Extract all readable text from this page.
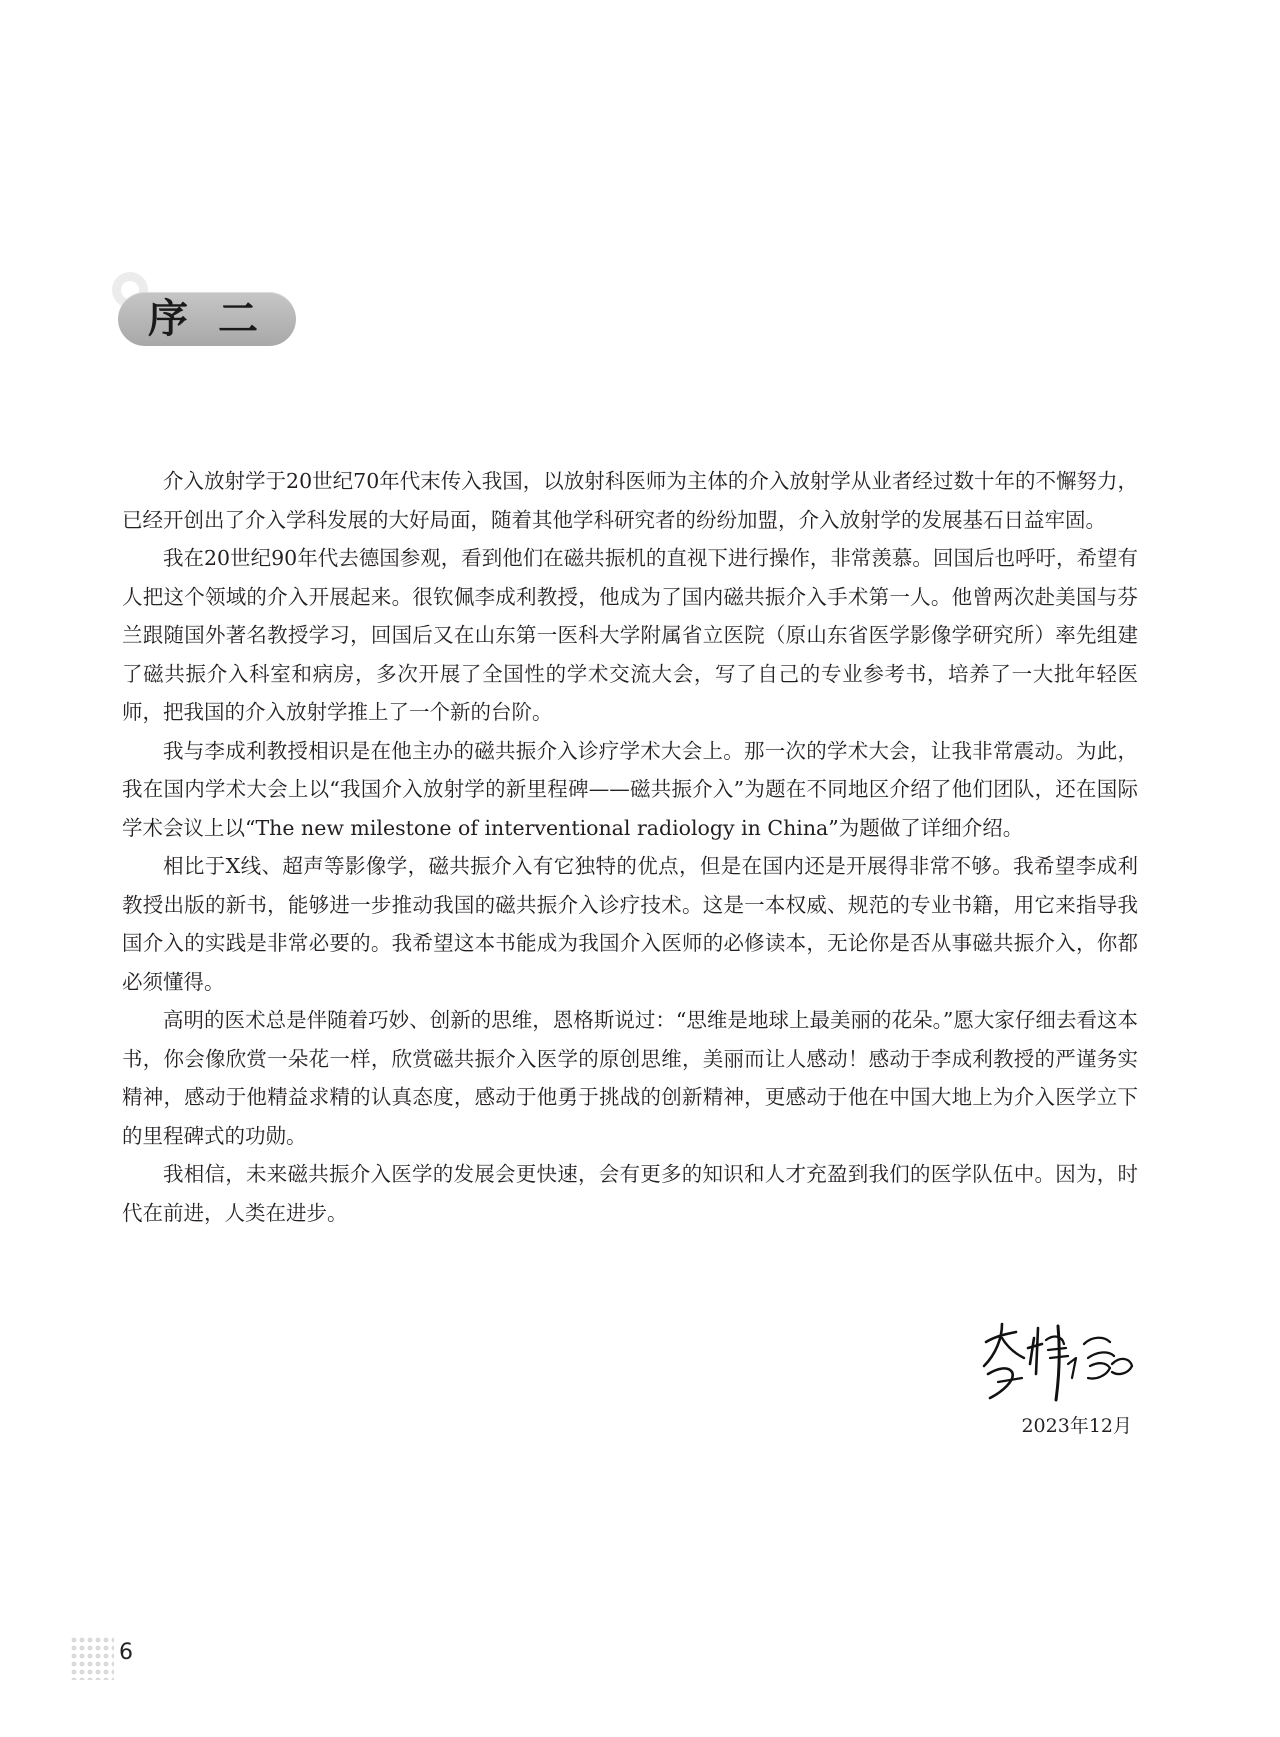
序二

介入放射学于20世纪70年代末传入我国，以放射科医师为主体的介入放射学从业者经过数十年的不懈努力，已经开创出了介入学科发展的大好局面，随着其他学科研究者的纷纷加盟，介入放射学的发展基石日益牢固。

我在20世纪90年代去德国参观，看到他们在磁共振机的直视下进行操作，非常羡慕。回国后也呼吁，希望有人把这个领域的介入开展起来。很钦佩李成利教授，他成为了国内磁共振介入手术第一人。他曾两次赴美国与芬兰跟随国外著名教授学习，回国后又在山东第一医科大学附属省立医院（原山东省医学影像学研究所）率先组建了磁共振介入科室和病房，多次开展了全国性的学术交流大会，写了自己的专业参考书，培养了一大批年轻医师，把我国的介入放射学推上了一个新的台阶。

我与李成利教授相识是在他主办的磁共振介入诊疗学术大会上。那一次的学术大会，让我非常震动。为此，我在国内学术大会上以“我国介入放射学的新里程碑——磁共振介入”为题在不同地区介绍了他们团队，还在国际学术会议上以“The new milestone of interventional radiology in China”为题做了详细介绍。

相比于X线、超声等影像学，磁共振介入有它独特的优点，但是在国内还是开展得非常不够。我希望李成利教授出版的新书，能够进一步推动我国的磁共振介入诊疗技术。这是一本权威、规范的专业书籍，用它来指导我国介入的实践是非常必要的。我希望这本书能成为我国介入医师的必修读本，无论你是否从事磁共振介入，你都必须懂得。

高明的医术总是伴随着巧妙、创新的思维，恩格斯说过：“思维是地球上最美丽的花朵。”愿大家仔细去看这本书，你会像欣赏一朵花一样，欣赏磁共振介入医学的原创思维，美丽而让人感动！感动于李成利教授的严谨务实精神，感动于他精益求精的认真态度，感动于他勇于挑战的创新精神，更感动于他在中国大地上为介入医学立下的里程碑式的功勋。

我相信，未来磁共振介入医学的发展会更快速，会有更多的知识和人才充盈到我们的医学队伍中。因为，时代在前进，人类在进步。

2023年12月
6
